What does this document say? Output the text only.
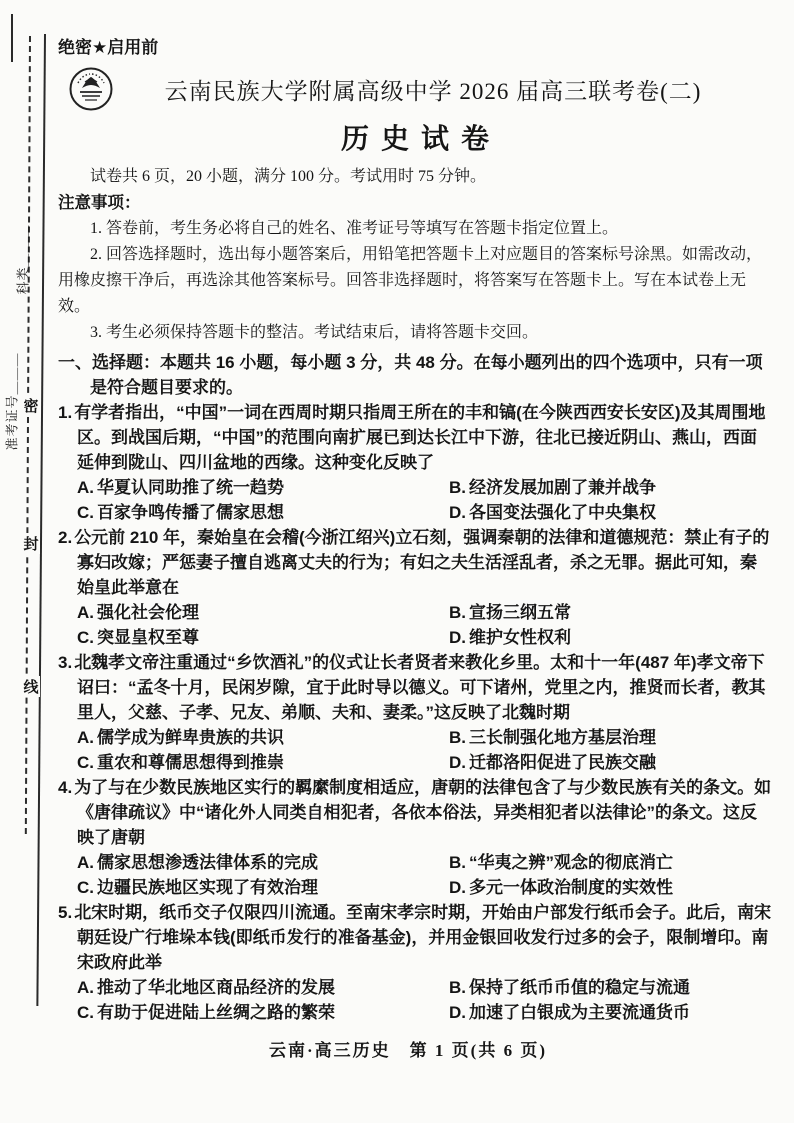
密
封
线
科类＿＿＿
准考证号＿＿＿
绝密★启用前
云南民族大学附属高级中学 2026 届高三联考卷(二)
历史试卷
试卷共 6 页，20 小题，满分 100 分。考试用时 75 分钟。
注意事项：
1. 答卷前，考生务必将自己的姓名、准考证号等填写在答题卡指定位置上。
2. 回答选择题时，选出每小题答案后，用铅笔把答题卡上对应题目的答案标号涂黑。如需改动，用橡皮擦干净后，再选涂其他答案标号。回答非选择题时，将答案写在答题卡上。写在本试卷上无效。
3. 考生必须保持答题卡的整洁。考试结束后，请将答题卡交回。
一、选择题：本题共 16 小题，每小题 3 分，共 48 分。在每小题列出的四个选项中，只有一项是符合题目要求的。
1. 有学者指出，“中国”一词在西周时期只指周王所在的丰和镐(在今陕西西安长安区)及其周围地区。到战国后期，“中国”的范围向南扩展已到达长江中下游，往北已接近阴山、燕山，西面延伸到陇山、四川盆地的西缘。这种变化反映了
A. 华夏认同助推了统一趋势	B. 经济发展加剧了兼并战争
C. 百家争鸣传播了儒家思想	D. 各国变法强化了中央集权
2. 公元前 210 年，秦始皇在会稽(今浙江绍兴)立石刻，强调秦朝的法律和道德规范：禁止有子的寡妇改嫁；严惩妻子擅自逃离丈夫的行为；有妇之夫生活淫乱者，杀之无罪。据此可知，秦始皇此举意在
A. 强化社会伦理	B. 宣扬三纲五常
C. 突显皇权至尊	D. 维护女性权利
3. 北魏孝文帝注重通过“乡饮酒礼”的仪式让长者贤者来教化乡里。太和十一年(487 年)孝文帝下诏曰：“孟冬十月，民闲岁隙，宜于此时导以德义。可下诸州，党里之内，推贤而长者，教其里人，父慈、子孝、兄友、弟顺、夫和、妻柔。”这反映了北魏时期
A. 儒学成为鲜卑贵族的共识	B. 三长制强化地方基层治理
C. 重农和尊儒思想得到推崇	D. 迁都洛阳促进了民族交融
4. 为了与在少数民族地区实行的羁縻制度相适应，唐朝的法律包含了与少数民族有关的条文。如《唐律疏议》中“诸化外人同类自相犯者，各依本俗法，异类相犯者以法律论”的条文。这反映了唐朝
A. 儒家思想渗透法律体系的完成	B. “华夷之辨”观念的彻底消亡
C. 边疆民族地区实现了有效治理	D. 多元一体政治制度的实效性
5. 北宋时期，纸币交子仅限四川流通。至南宋孝宗时期，开始由户部发行纸币会子。此后，南宋朝廷设广行堆垛本钱(即纸币发行的准备基金)，并用金银回收发行过多的会子，限制增印。南宋政府此举
A. 推动了华北地区商品经济的发展	B. 保持了纸币币值的稳定与流通
C. 有助于促进陆上丝绸之路的繁荣	D. 加速了白银成为主要流通货币
云南·高三历史　第 1 页(共 6 页)
